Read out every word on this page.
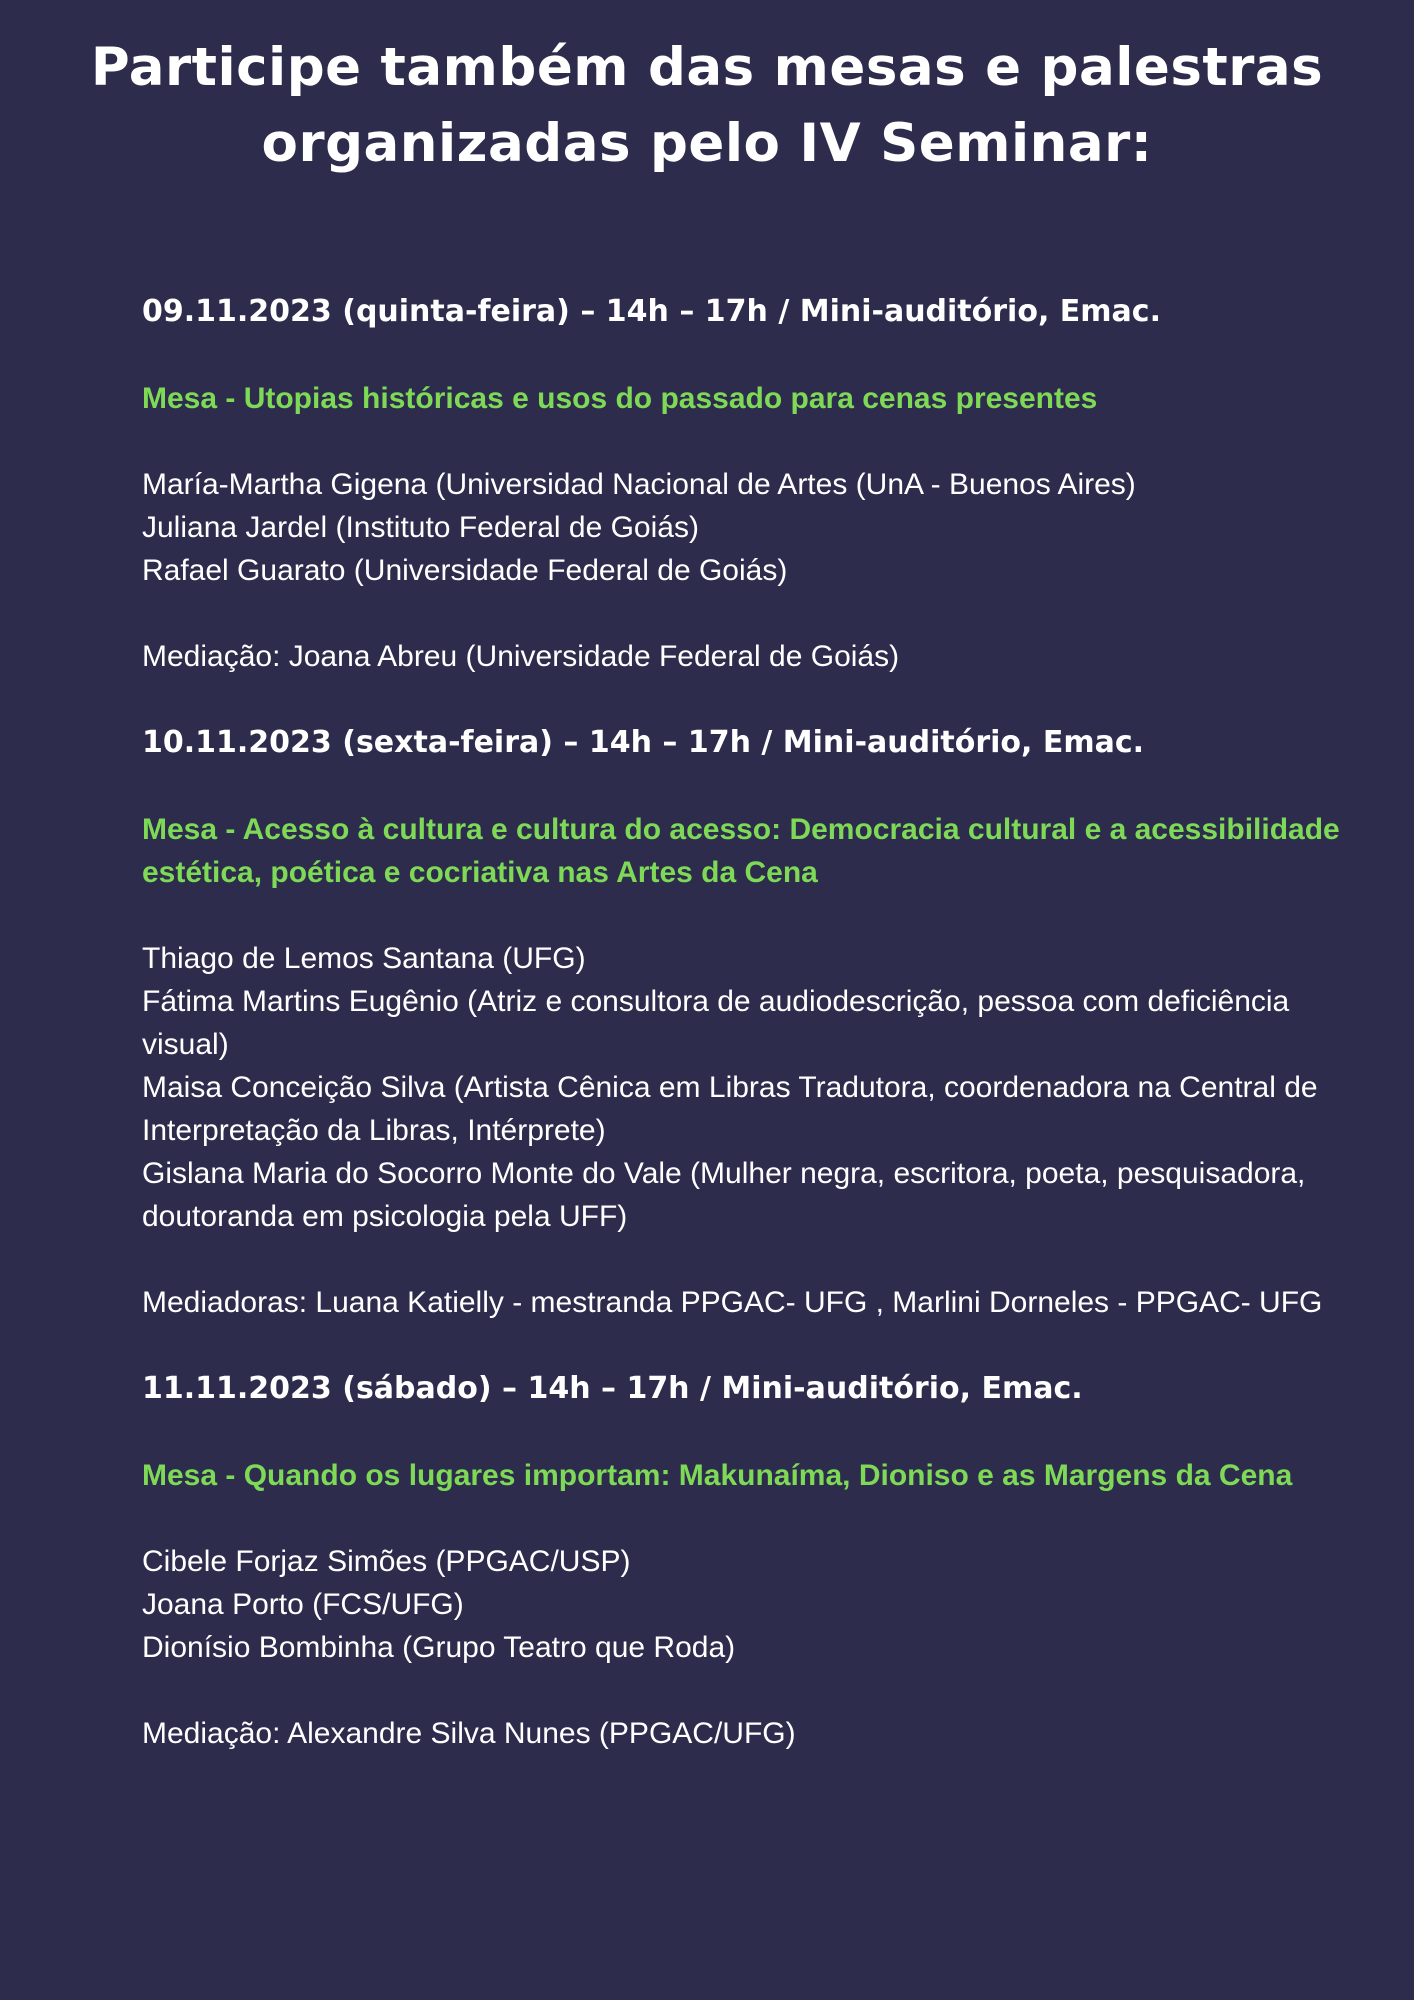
Participe também das mesas e palestras organizadas pelo IV Seminar:
09.11.2023 (quinta-feira) – 14h – 17h / Mini-auditório, Emac.
Mesa - Utopias históricas e usos do passado para cenas presentes
María-Martha Gigena (Universidad Nacional de Artes (UnA - Buenos Aires)
Juliana Jardel (Instituto Federal de Goiás)
Rafael Guarato (Universidade Federal de Goiás)
Mediação: Joana Abreu (Universidade Federal de Goiás)
10.11.2023 (sexta-feira) – 14h – 17h / Mini-auditório, Emac.
Mesa - Acesso à cultura e cultura do acesso: Democracia cultural e a acessibilidade estética, poética e cocriativa nas Artes da Cena
Thiago de Lemos Santana (UFG)
Fátima Martins Eugênio (Atriz e consultora de audiodescrição, pessoa com deficiência visual)
Maisa Conceição Silva (Artista Cênica em Libras Tradutora, coordenadora na Central de Interpretação da Libras, Intérprete)
Gislana Maria do Socorro Monte do Vale (Mulher negra, escritora, poeta, pesquisadora, doutoranda em psicologia pela UFF)
Mediadoras: Luana Katielly - mestranda PPGAC- UFG , Marlini Dorneles - PPGAC- UFG
11.11.2023 (sábado) – 14h – 17h / Mini-auditório, Emac.
Mesa - Quando os lugares importam: Makunaíma, Dioniso e as Margens da Cena
Cibele Forjaz Simões (PPGAC/USP)
Joana Porto (FCS/UFG)
Dionísio Bombinha (Grupo Teatro que Roda)
Mediação: Alexandre Silva Nunes (PPGAC/UFG)
